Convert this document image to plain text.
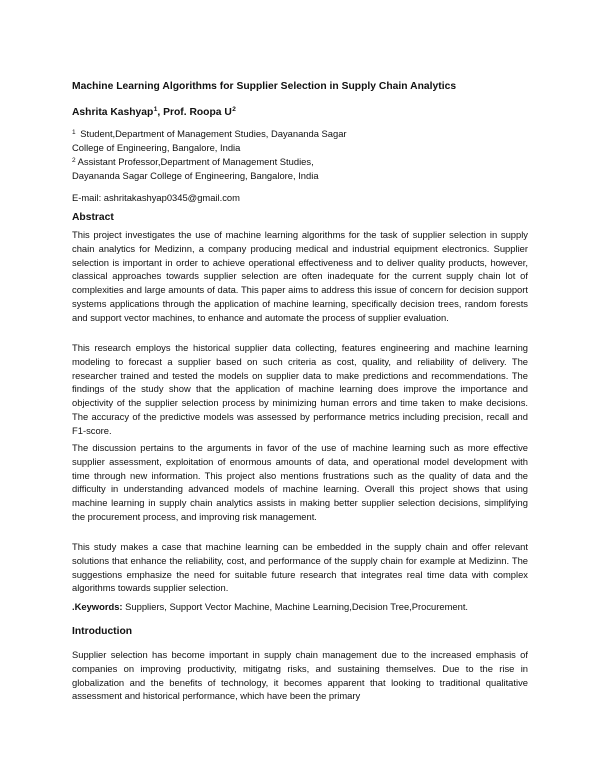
Machine Learning Algorithms for Supplier Selection in Supply Chain Analytics
Ashrita Kashyap$^1$, Prof. Roopa $U^2$
$^1$ Student,Department of Management Studies, Dayananda Sagar
College of Engineering, Bangalore, India
$^2$ Assistant Professor,Department of Management Studies,
Dayananda Sagar College of Engineering, Bangalore, India
E-mail: ashritakashyap0345@gmail.com
Abstract

This project investigates the use of machine learning algorithms for the task of supplier selection in supply chain analytics for Medizinn, a company producing medical and industrial equipment electronics. Supplier selection is important in order to achieve operational effectiveness and to deliver quality products, however, classical approaches towards supplier selection are often inadequate for the current supply chain lot of complexities and large amounts of data. This paper aims to address this issue of concern for decision support systems applications through the application of machine learning, specifically decision trees, random forests and support vector machines, to enhance and automate the process of supplier evaluation.

This research employs the historical supplier data collecting, features engineering and machine learning modeling to forecast a supplier based on such criteria as cost, quality, and reliability of delivery. The researcher trained and tested the models on supplier data to make predictions and recommendations. The findings of the study show that the application of machine learning does improve the importance and objectivity of the supplier selection process by minimizing human errors and time taken to make decisions. The accuracy of the predictive models was assessed by performance metrics including precision, recall and F1-score.

The discussion pertains to the arguments in favor of the use of machine learning such as more effective supplier assessment, exploitation of enormous amounts of data, and operational model development with time through new information. This project also mentions frustrations such as the quality of data and the difficulty in understanding advanced models of machine learning. Overall this project shows that using machine learning in supply chain analytics assists in making better supplier selection decisions, simplifying the procurement process, and improving risk management.

This study makes a case that machine learning can be embedded in the supply chain and offer relevant solutions that enhance the reliability, cost, and performance of the supply chain for example at Medizinn. The suggestions emphasize the need for suitable future research that integrates real time data with complex algorithms towards supplier selection.

.Keywords: Suppliers, Support Vector Machine, Machine Learning,Decision Tree,Procurement.
Introduction

Supplier selection has become important in supply chain management due to the increased emphasis of companies on improving productivity, mitigatng risks, and sustaining themselves. Due to the rise in globalization and the benefits of technology, it becomes apparent that looking to traditional qualitative assessment and historical performance, which have been the primary
